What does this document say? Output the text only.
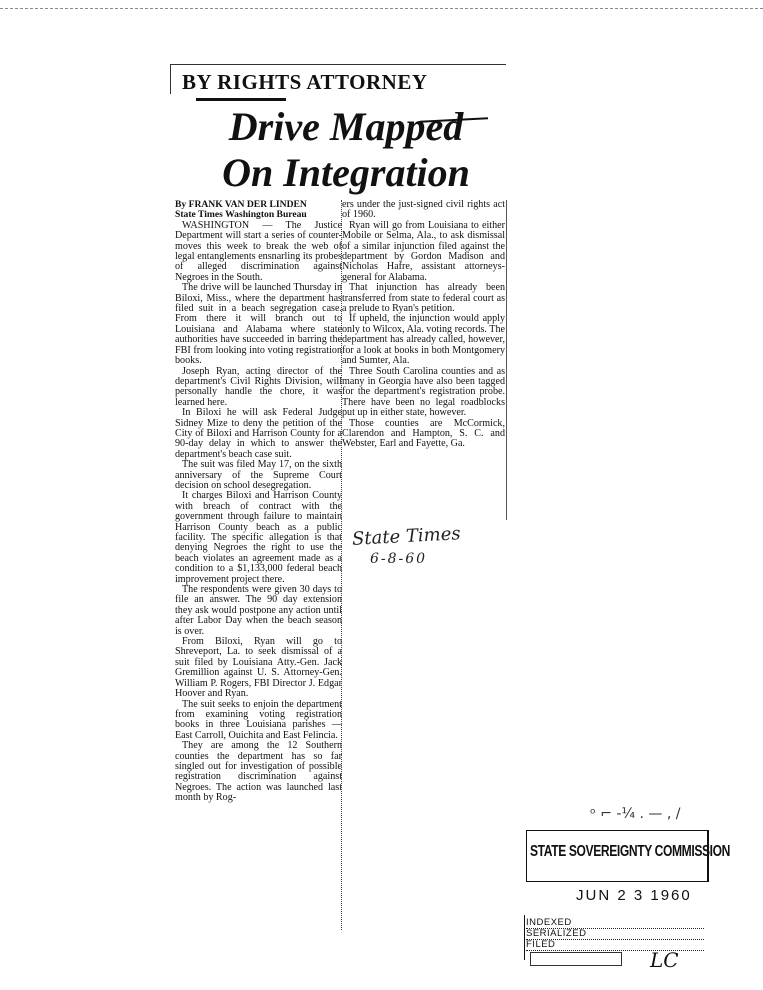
BY RIGHTS ATTORNEY
Drive Mapped
On Integration

By FRANK VAN DER LINDEN

State Times Washington Bureau

WASHINGTON — The Justice Department will start a series of counter-moves this week to break the web of legal entanglements ensnarling its probes of alleged discrimination against Negroes in the South.

The drive will be launched Thursday in Biloxi, Miss., where the department has filed suit in a beach segregation case. From there it will branch out to Louisiana and Alabama where state authorities have succeeded in barring the FBI from looking into voting registration books.

Joseph Ryan, acting director of the department's Civil Rights Division, will personally handle the chore, it was learned here.

In Biloxi he will ask Federal Judge Sidney Mize to deny the petition of the City of Biloxi and Harrison County for a 90-day delay in which to answer the department's beach case suit.

The suit was filed May 17, on the sixth anniversary of the Supreme Court decision on school desegregation.

It charges Biloxi and Harrison County with breach of contract with the government through failure to maintain Harrison County beach as a public facility. The specific allegation is that denying Negroes the right to use the beach violates an agreement made as a condition to a $1,133,000 federal beach improvement project there.

The respondents were given 30 days to file an answer. The 90 day extension they ask would postpone any action until after Labor Day when the beach season is over.

From Biloxi, Ryan will go to Shreveport, La. to seek dismissal of a suit filed by Louisiana Atty.-Gen. Jack Gremillion against U. S. Attorney-Gen. William P. Rogers, FBI Director J. Edgar Hoover and Ryan.

The suit seeks to enjoin the department from examining voting registration books in three Louisiana parishes — East Carroll, Ouichita and East Felincia.

They are among the 12 Southern counties the department has so far singled out for investigation of possible registration discrimination against Negroes. The action was launched last month by Rog-

ers under the just-signed civil rights act of 1960.

Ryan will go from Louisiana to either Mobile or Selma, Ala., to ask dismissal of a similar injunction filed against the department by Gordon Madison and Nicholas Hafre, assistant attorneys-general for Alabama.

That injunction has already been transferred from state to federal court as a prelude to Ryan's petition.

If upheld, the injunction would apply only to Wilcox, Ala. voting records. The department has already called, however, for a look at books in both Montgomery and Sumter, Ala.

Three South Carolina counties and as many in Georgia have also been tagged for the department's registration probe. There have been no legal roadblocks put up in either state, however.

Those counties are McCormick, Clarendon and Hampton, S. C. and Webster, Earl and Fayette, Ga.

State Times
6-8-60
ᵒ ⌐ -¼ . — , /
STATE SOVEREIGNTY COMMISSION
JUN 2 3 1960
INDEXED
SERIALIZED
FILED
LC
